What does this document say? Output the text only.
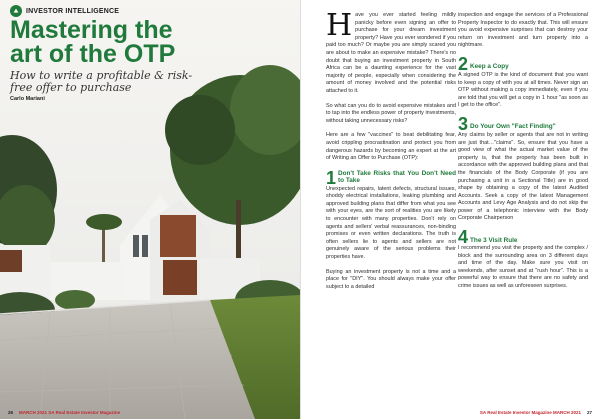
INVESTOR INTELLIGENCE
Mastering the
art of the OTP
How to write a profitable & risk-free offer to purchase
Carlo Mariani
26 MARCH 2021 SA Real Estate Investor Magazine

Have you ever started feeling mildly panicky before even signing an offer to purchase for your dream investment property? Have you ever wondered if you paid too much? Or maybe you are simply scared you are about to make an expensive mistake? There's no doubt that buying an investment property in South Africa can be a daunting experience for the vast majority of people, especially when considering the amount of money involved and the potential risks attached to it.

So what can you do to avoid expensive mistakes and to tap into the endless power of property investments, without taking unnecessary risks?

Here are a few "vaccines" to beat debilitating fear, avoid crippling procrastination and protect you from dangerous hazards by becoming an expert at the art of Writing an Offer to Purchase (OTP):

1 Don't Take Risks that You Don't Need to Take

Unexpected repairs, latent defects, structural issues, shoddy electrical installations, leaking plumbing and approved building plans that differ from what you see with your eyes, are the sort of realities you are likely to encounter with many properties. Don't rely on agents and sellers' verbal reassurances, non-binding promises or even written declarations. The truth is often sellers lie to agents and sellers are not genuinely aware of the serious problems their properties have.

Buying an investment property is not a time and a place for "DIY". You should always make your offer subject to a detailed

inspection and engage the services of a Professional Property Inspector to do exactly that. This will ensure you avoid expensive surprises that can destroy your return on investment and turn property into a nightmare.

2 Keep a Copy

A signed OTP is the kind of document that you want to keep a copy of with you at all times. Never sign an OTP without making a copy immediately, even if you are told that you will get a copy in 1 hour "as soon as I get to the office".

3 Do Your Own "Fact Finding"

Any claims by seller or agents that are not in writing are just that…"claims". So, ensure that you have a good view of what the actual market value of the property is, that the property has been built in accordance with the approved building plans and that the financials of the Body Corporate (if you are purchasing a unit in a Sectional Title) are in good shape by obtaining a copy of the latest Audited Accounts. Seek a copy of the latest Management Accounts and Levy Age Analysis and do not skip the power of a telephonic interview with the Body Corporate Chairperson

4 The 3 Visit Rule

I recommend you visit the property and the complex / block and the surrounding area on 3 different days and time of the day. Make sure you visit on weekends, after sunset and at "rush hour". This is a powerful way to ensure that there are no safety and crime issues as well as unforeseen surprises.

SA Real Estate Investor Magazine MARCH 2021 27
